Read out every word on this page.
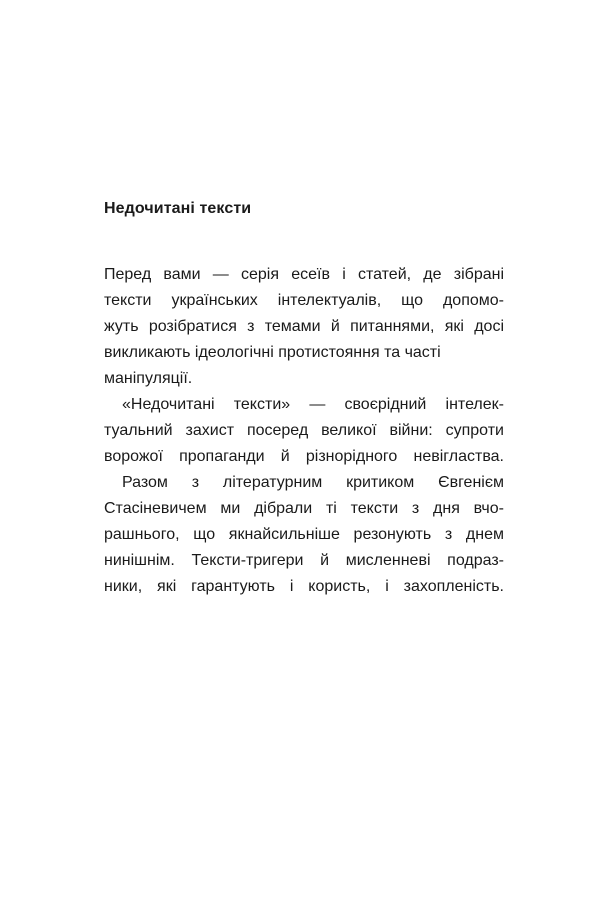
Недочитані тексти
Перед вами — серія есеїв і статей, де зібрані
тексти українських інтелектуалів, що допомо-
жуть розібратися з темами й питаннями, які досі
викликають ідеологічні протистояння та часті
маніпуляції.
«Недочитані тексти» — своєрідний інтелек-
туальний захист посеред великої війни: супроти
ворожої пропаганди й різнорідного невігластва.
Разом з літературним критиком Євгенієм
Стасіневичем ми дібрали ті тексти з дня вчо-
рашнього, що якнайсильніше резонують з днем
нинішнім. Тексти-тригери й мисленневі подраз-
ники, які гарантують і користь, і захопленість.
